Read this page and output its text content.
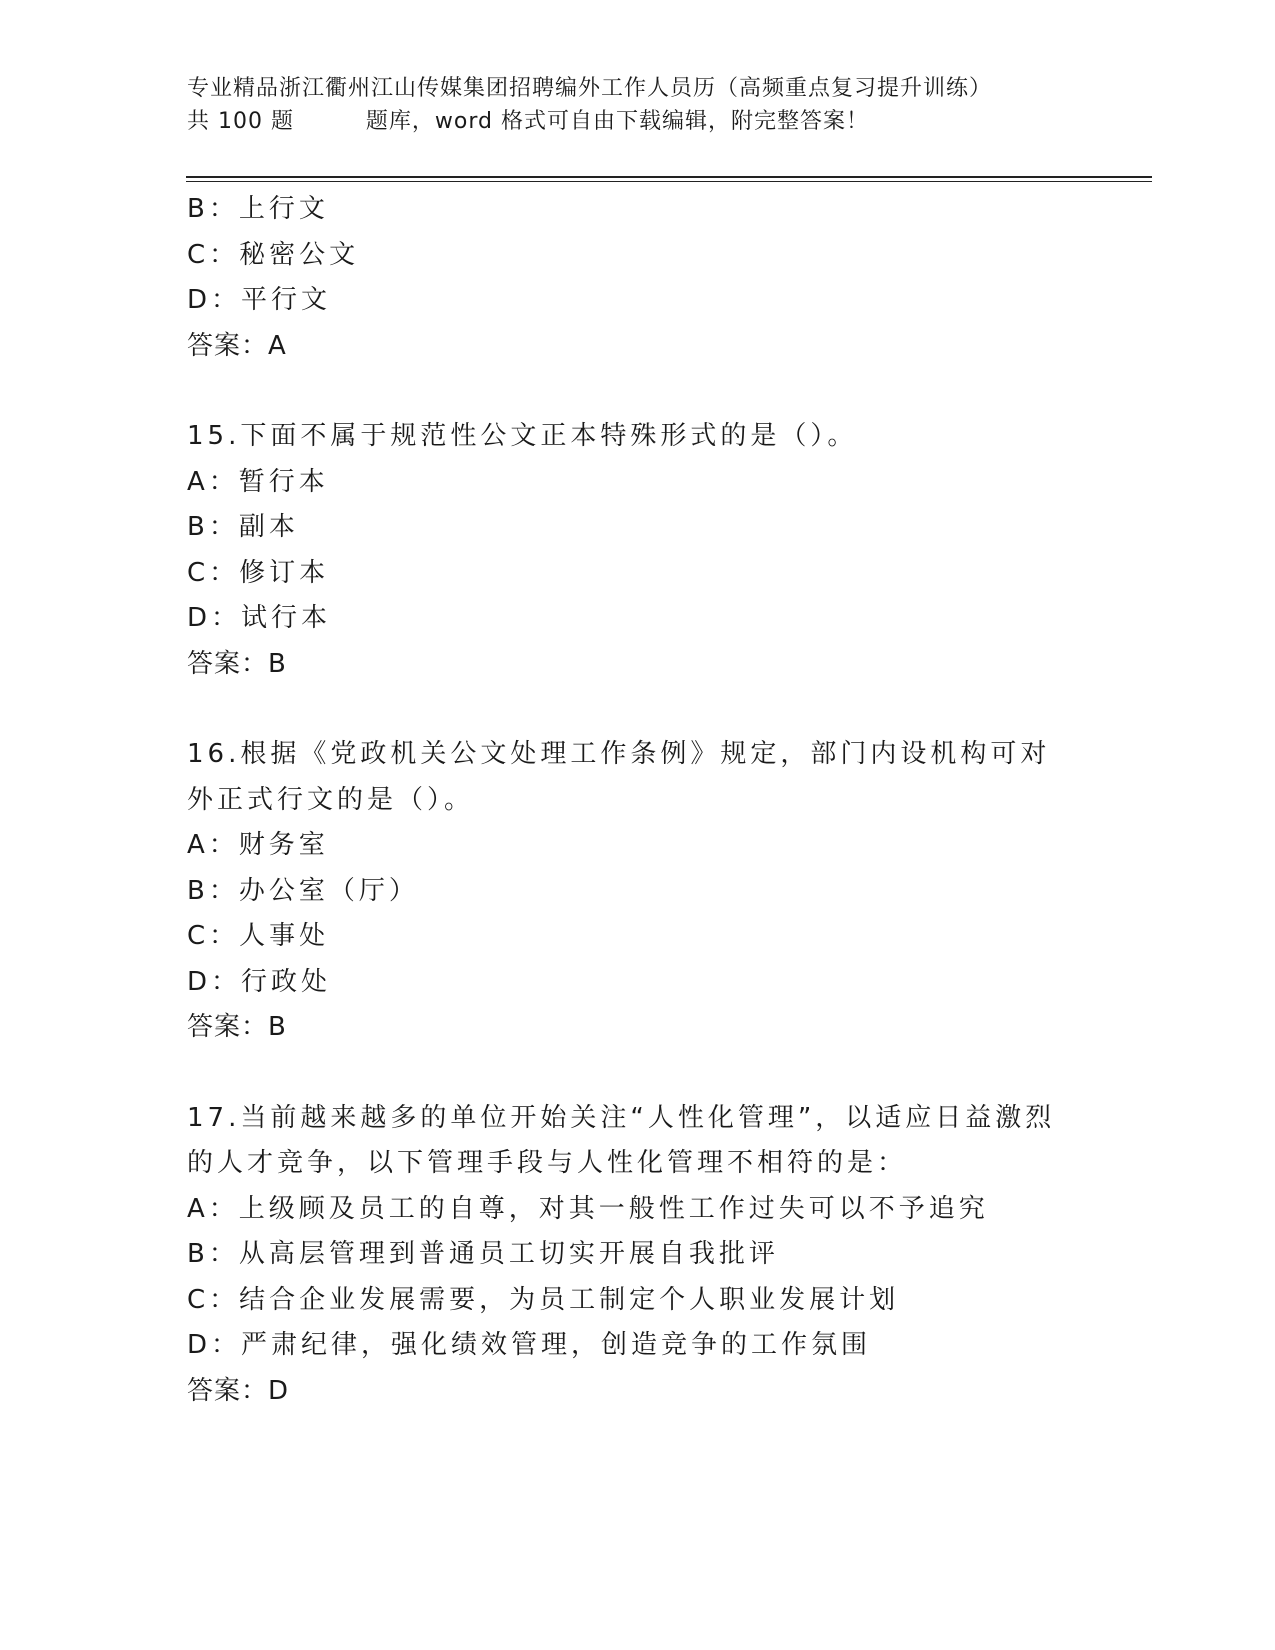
专业精品浙江衢州江山传媒集团招聘编外工作人员历（高频重点复习提升训练）
共 100 题         题库，word 格式可自由下载编辑，附完整答案！
B：上行文
C：秘密公文
D：平行文
答案：A
15.下面不属于规范性公文正本特殊形式的是（）。
A：暂行本
B：副本
C：修订本
D：试行本
答案：B
16.根据《党政机关公文处理工作条例》规定，部门内设机构可对外正式行文的是（）。
A：财务室
B：办公室（厅）
C：人事处
D：行政处
答案：B
17.当前越来越多的单位开始关注“人性化管理”，以适应日益激烈的人才竞争，以下管理手段与人性化管理不相符的是：
A：上级顾及员工的自尊，对其一般性工作过失可以不予追究
B：从高层管理到普通员工切实开展自我批评
C：结合企业发展需要，为员工制定个人职业发展计划
D：严肃纪律，强化绩效管理，创造竞争的工作氛围
答案：D
